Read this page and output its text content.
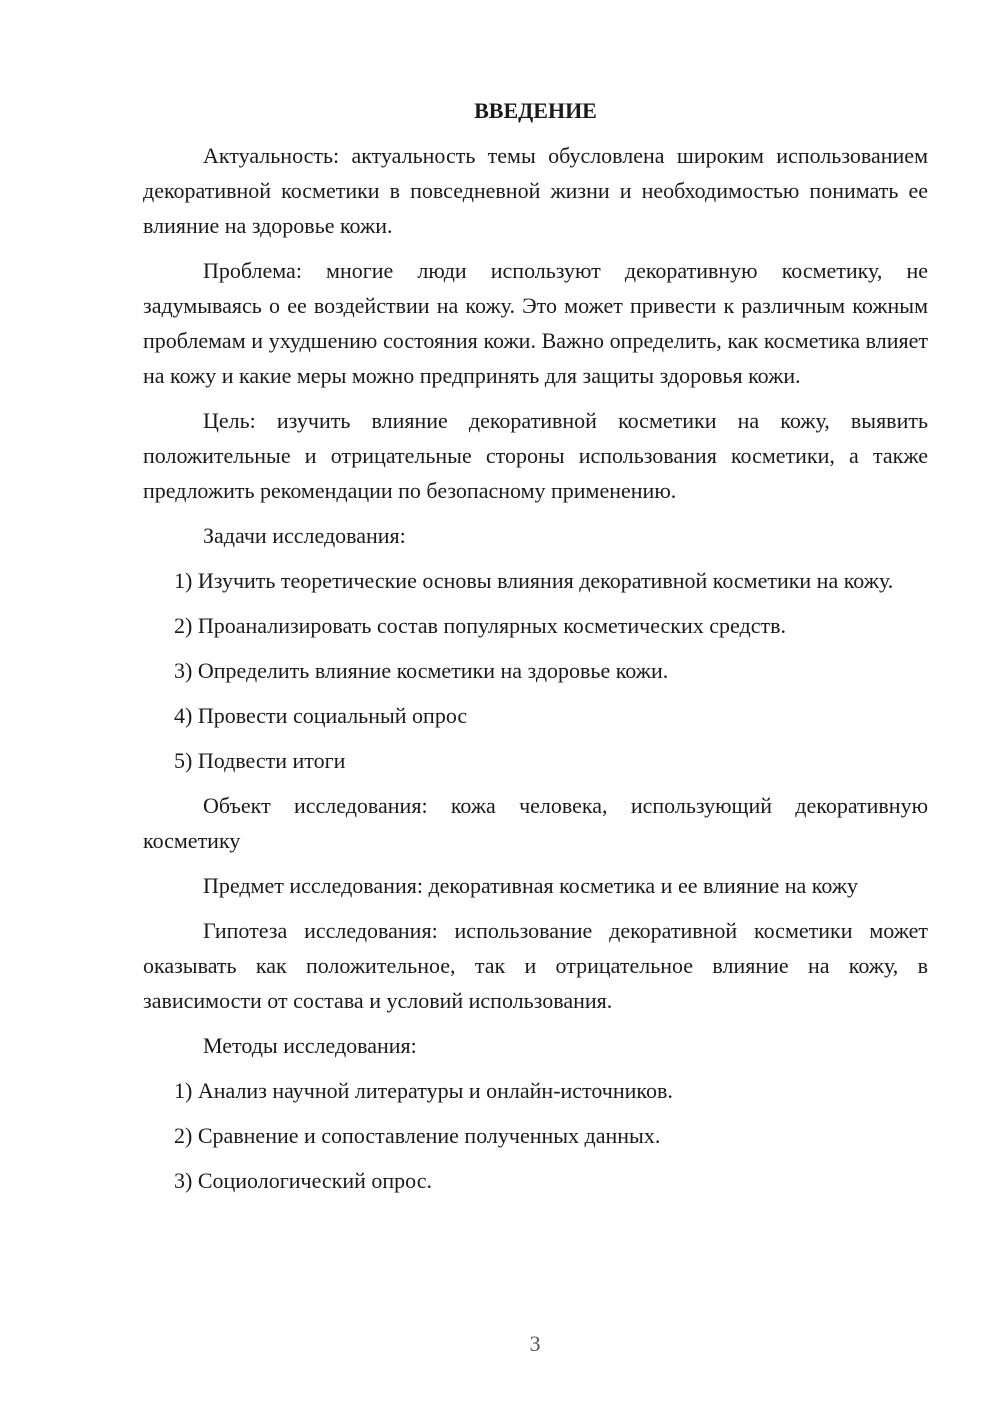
ВВЕДЕНИЕ

Актуальность: актуальность темы обусловлена широким использованием декоративной косметики в повседневной жизни и необходимостью понимать ее влияние на здоровье кожи.

Проблема: многие люди используют декоративную косметику, не задумываясь о ее воздействии на кожу. Это может привести к различным кожным проблемам и ухудшению состояния кожи. Важно определить, как косметика влияет на кожу и какие меры можно предпринять для защиты здоровья кожи.

Цель: изучить влияние декоративной косметики на кожу, выявить положительные и отрицательные стороны использования косметики, а также предложить рекомендации по безопасному применению.

Задачи исследования:

1) Изучить теоретические основы влияния декоративной косметики на кожу.

2) Проанализировать состав популярных косметических средств.

3) Определить влияние косметики на здоровье кожи.

4) Провести социальный опрос

5) Подвести итоги

Объект исследования: кожа человека, использующий декоративную косметику

Предмет исследования: декоративная косметика и ее влияние на кожу

Гипотеза исследования: использование декоративной косметики может оказывать как положительное, так и отрицательное влияние на кожу, в зависимости от состава и условий использования.

Методы исследования:

1) Анализ научной литературы и онлайн-источников.

2) Сравнение и сопоставление полученных данных.

3) Социологический опрос.

3
